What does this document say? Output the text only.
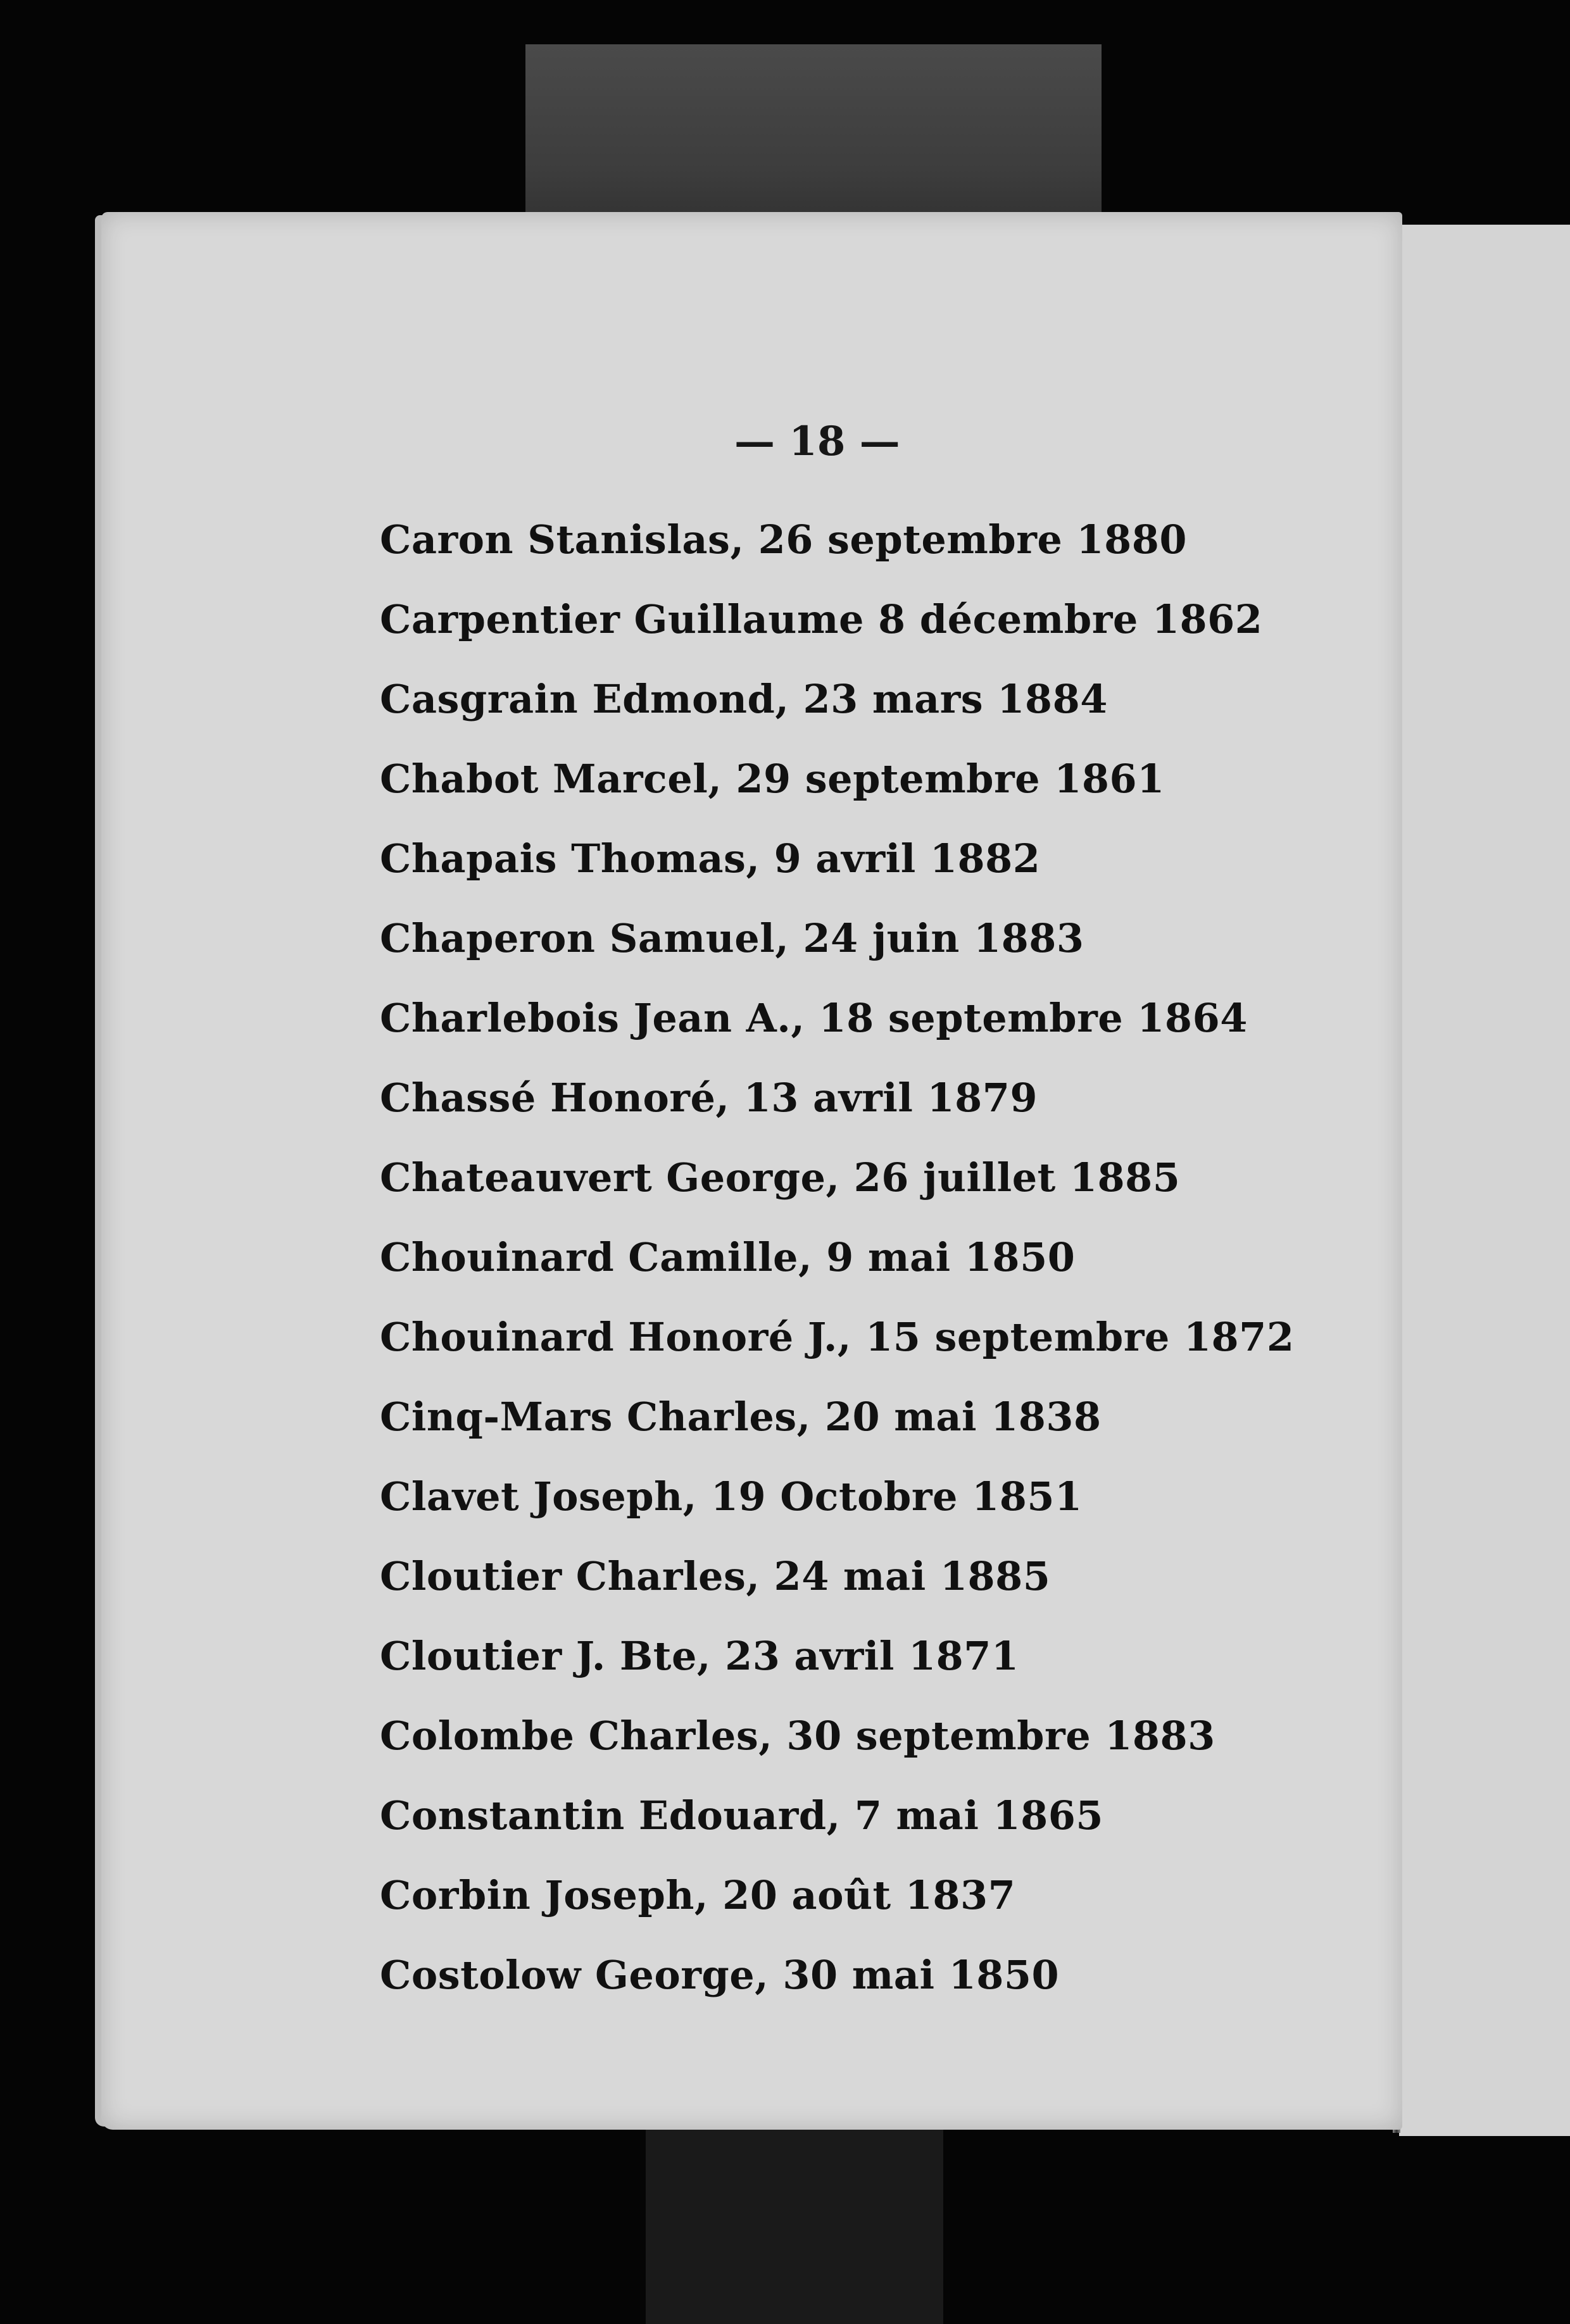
— 18 —
Caron Stanislas, 26 septembre 1880
Carpentier Guillaume 8 décembre 1862
Casgrain Edmond, 23 mars 1884
Chabot Marcel, 29 septembre 1861
Chapais Thomas, 9 avril 1882
Chaperon Samuel, 24 juin 1883
Charlebois Jean A., 18 septembre 1864
Chassé Honoré, 13 avril 1879
Chateauvert George, 26 juillet 1885
Chouinard Camille, 9 mai 1850
Chouinard Honoré J., 15 septembre 1872
Cinq-Mars Charles, 20 mai 1838
Clavet Joseph, 19 Octobre 1851
Cloutier Charles, 24 mai 1885
Cloutier J. Bte, 23 avril 1871
Colombe Charles, 30 septembre 1883
Constantin Edouard, 7 mai 1865
Corbin Joseph, 20 août 1837
Costolow George, 30 mai 1850
